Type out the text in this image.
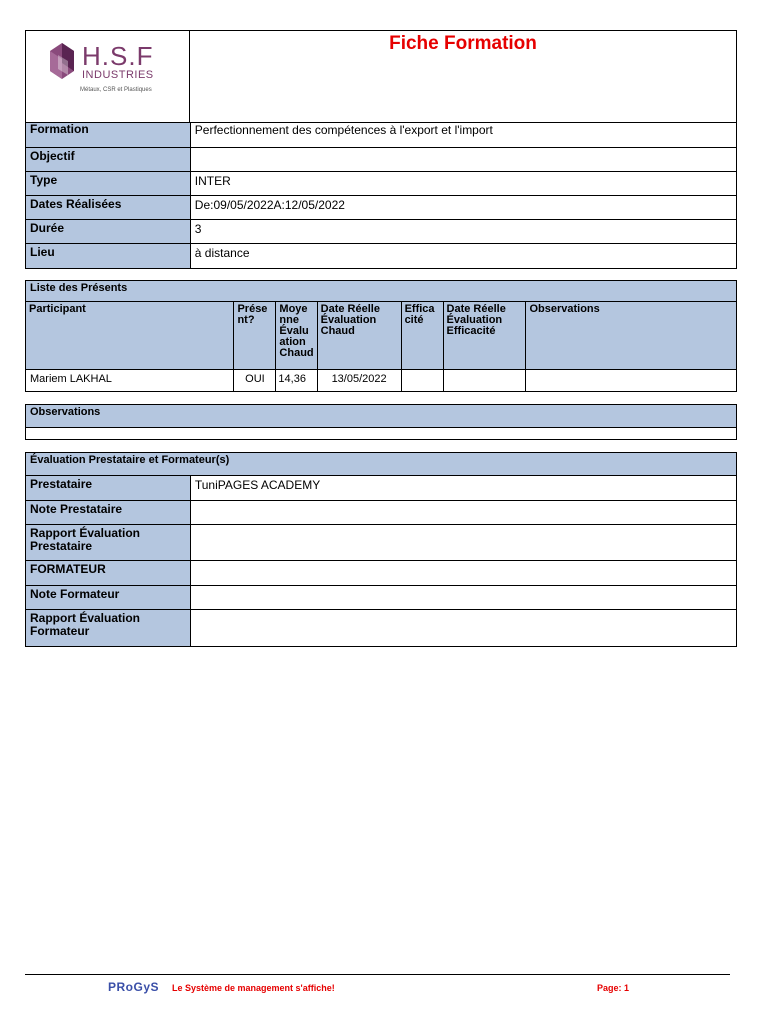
H.S.F
INDUSTRIES
Métaux, CSR et Plastiques
Fiche Formation
Formation	Perfectionnement des compétences à l'export et l'import
Objectif	
Type	INTER
Dates Réalisées	De:09/05/2022A:12/05/2022
Durée	3
Lieu	à distance
Liste des Présents
Participant	Prése nt?	Moye nne Évalu ation Chaud	Date Réelle Évaluation Chaud	Effica cité	Date Réelle Évaluation Efficacité	Observations
Mariem LAKHAL	OUI	14,36	13/05/2022			
Observations
Évaluation Prestataire et Formateur(s)
Prestataire	TuniPAGES ACADEMY
Note Prestataire	
Rapport Évaluation Prestataire	
FORMATEUR	
Note Formateur	
Rapport Évaluation Formateur	
PRoGyS Le Système de management s'affiche!	Page: 1
